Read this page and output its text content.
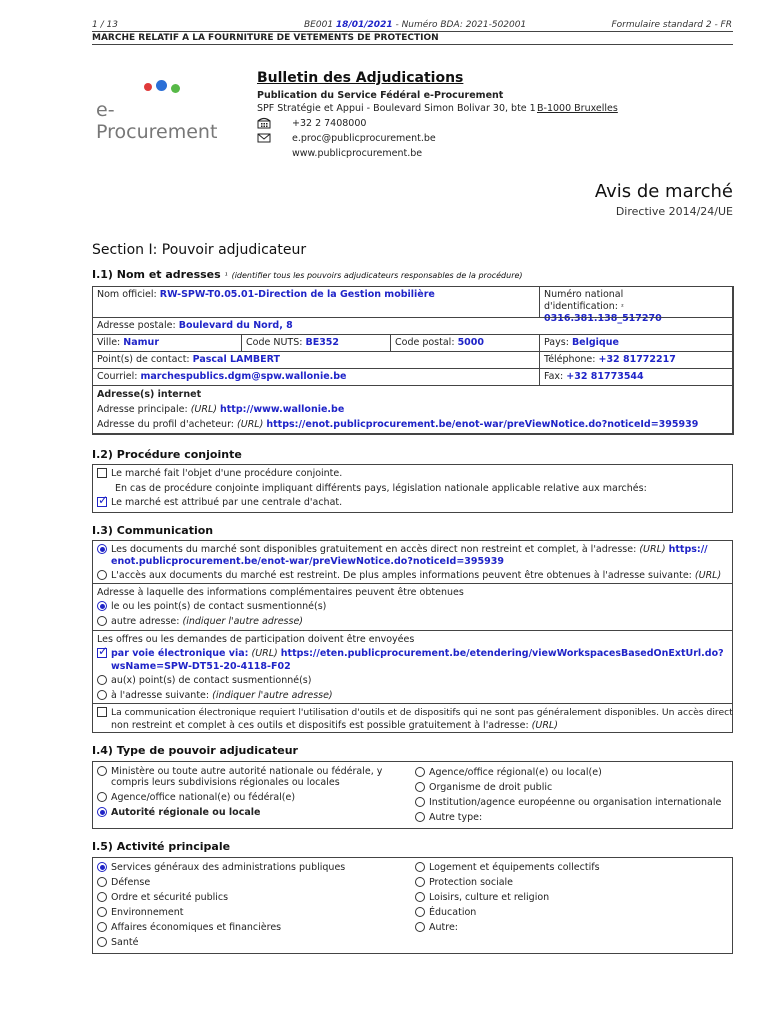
1 / 13	BE001 18/01/2021 - Numéro BDA: 2021-502001	Formulaire standard 2 - FR
MARCHE RELATIF A LA FOURNITURE DE VETEMENTS DE PROTECTION
e-Procurement
Bulletin des Adjudications
Publication du Service Fédéral e-Procurement
SPF Stratégie et Appui - Boulevard Simon Bolivar 30, bte 1 B-1000 Bruxelles
+32 2 7408000
e.proc@publicprocurement.be
www.publicprocurement.be
Avis de marché
Directive 2014/24/UE
Section I: Pouvoir adjudicateur
I.1) Nom et adresses ¹ (identifier tous les pouvoirs adjudicateurs responsables de la procédure)
Nom officiel: RW-SPW-T0.05.01-Direction de la Gestion mobilière	Numéro national
d'identification: ² 0316.381.138_517270
Adresse postale: Boulevard du Nord, 8
Ville: Namur	Code NUTS: BE352	Code postal: 5000	Pays: Belgique
Point(s) de contact: Pascal LAMBERT	Téléphone: +32 81772217
Courriel: marchespublics.dgm@spw.wallonie.be	Fax: +32 81773544
Adresse(s) internet
Adresse principale: (URL) http://www.wallonie.be
Adresse du profil d'acheteur: (URL) https://enot.publicprocurement.be/enot-war/preViewNotice.do?noticeId=395939
I.2) Procédure conjointe
Le marché fait l'objet d'une procédure conjointe.
En cas de procédure conjointe impliquant différents pays, législation nationale applicable relative aux marchés:
✓Le marché est attribué par une centrale d'achat.
I.3) Communication
Les documents du marché sont disponibles gratuitement en accès direct non restreint et complet, à l'adresse: (URL) https://
enot.publicprocurement.be/enot-war/preViewNotice.do?noticeId=395939
L'accès aux documents du marché est restreint. De plus amples informations peuvent être obtenues à l'adresse suivante: (URL)
Adresse à laquelle des informations complémentaires peuvent être obtenues
le ou les point(s) de contact susmentionné(s)
autre adresse: (indiquer l'autre adresse)
Les offres ou les demandes de participation doivent être envoyées
✓par voie électronique via: (URL) https://eten.publicprocurement.be/etendering/viewWorkspacesBasedOnExtUrl.do?
wsName=SPW-DT51-20-4118-F02
au(x) point(s) de contact susmentionné(s)
à l'adresse suivante: (indiquer l'autre adresse)
La communication électronique requiert l'utilisation d'outils et de dispositifs qui ne sont pas généralement disponibles. Un accès direct
non restreint et complet à ces outils et dispositifs est possible gratuitement à l'adresse: (URL)
I.4) Type de pouvoir adjudicateur
Ministère ou toute autre autorité nationale ou fédérale, y
compris leurs subdivisions régionales ou locales
Agence/office national(e) ou fédéral(e)
Autorité régionale ou locale
Agence/office régional(e) ou local(e)
Organisme de droit public
Institution/agence européenne ou organisation internationale
Autre type:
I.5) Activité principale
Services généraux des administrations publiques
Défense
Ordre et sécurité publics
Environnement
Affaires économiques et financières
Santé
Logement et équipements collectifs
Protection sociale
Loisirs, culture et religion
Éducation
Autre:
